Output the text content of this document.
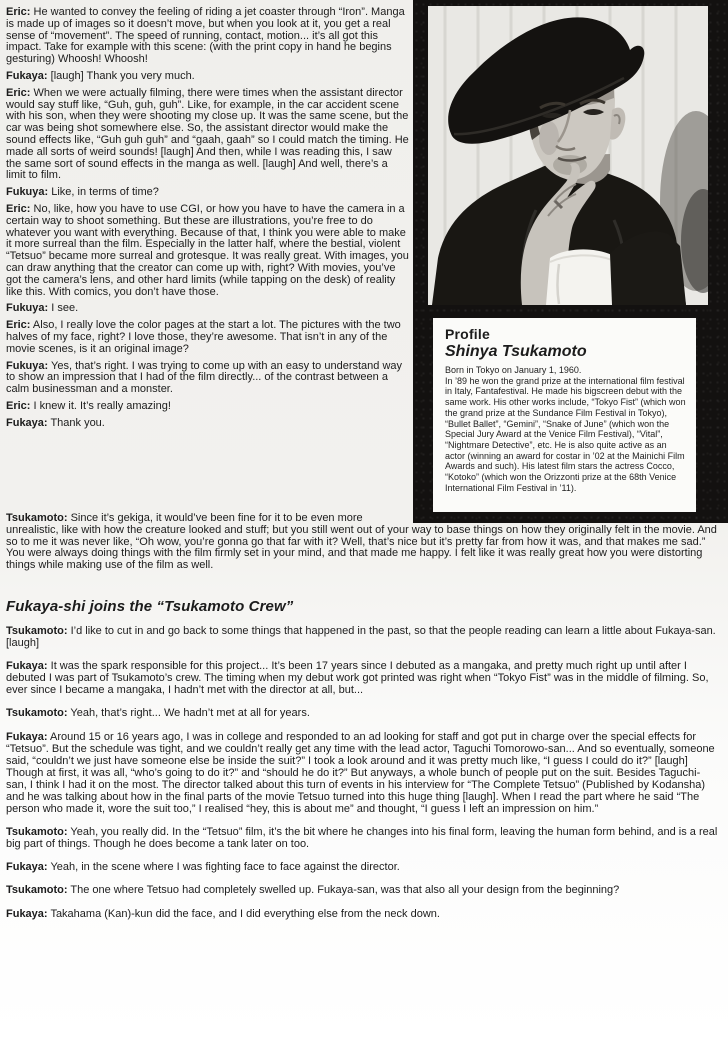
Profile
Shinya Tsukamoto

Born in Tokyo on January 1, 1960.

In ’89 he won the grand prize at the international film festival in Italy, Fantafestival. He made his bigscreen debut with the same work. His other works include, “Tokyo Fist” (which won the grand prize at the Sundance Film Festival in Tokyo), “Bullet Ballet”, “Gemini”, “Snake of June” (which won the Special Jury Award at the Venice Film Festival), “Vital”, “Nightmare Detective”, etc. He is also quite active as an actor (winning an award for costar in ’02 at the Mainichi Film Awards and such). His latest film stars the actress Cocco, “Kotoko” (which won the Orizzonti prize at the 68th Venice International Film Festival in ’11).

Eric: He wanted to convey the feeling of riding a jet coaster through “Iron”. Manga is made up of images so it doesn’t move, but when you look at it, you get a real sense of “movement”. The speed of running, contact, motion... it’s all got this impact. Take for example with this scene: (with the print copy in hand he begins gesturing) Whoosh! Whoosh!

Fukaya: [laugh] Thank you very much.

Eric: When we were actually filming, there were times when the assistant director would say stuff like, “Guh, guh, guh”. Like, for example, in the car accident scene with his son, when they were shooting my close up. It was the same scene, but the car was being shot somewhere else. So, the assistant director would make the sound effects like, “Guh guh guh” and “gaah, gaah” so I could match the timing. He made all sorts of weird sounds! [laugh] And then, while I was reading this, I saw the same sort of sound effects in the manga as well. [laugh] And well, there’s a limit to film.

Fukuya: Like, in terms of time?

Eric: No, like, how you have to use CGI, or how you have to have the camera in a certain way to shoot something. But these are illustrations, you’re free to do whatever you want with everything. Because of that, I think you were able to make it more surreal than the film. Especially in the latter half, where the bestial, violent “Tetsuo” became more surreal and grotesque. It was really great. With images, you can draw anything that the creator can come up with, right? With movies, you’ve got the camera’s lens, and other hard limits (while tapping on the desk) of reality like this. With comics, you don’t have those.

Fukuya: I see.

Eric: Also, I really love the color pages at the start a lot. The pictures with the two halves of my face, right? I love those, they’re awesome. That isn’t in any of the movie scenes, is it an original image?

Fukuya: Yes, that’s right. I was trying to come up with an easy to understand way to show an impression that I had of the film directly... of the contrast between a calm businessman and a monster.

Eric: I knew it. It’s really amazing!

Fukaya: Thank you.

Tsukamoto: Since it’s gekiga, it would’ve been fine for it to be even more unrealistic, like with how the creature looked and stuff; but you still went out of your way to base things on how they originally felt in the movie. And so to me it was never like, “Oh wow, you’re gonna go that far with it? Well, that’s nice but it’s pretty far from how it was, and that makes me sad.” You were always doing things with the film firmly set in your mind, and that made me happy. I felt like it was really great how you were distorting things while making use of the film as well.

Fukaya-shi joins the “Tsukamoto Crew”

Tsukamoto: I’d like to cut in and go back to some things that happened in the past, so that the people reading can learn a little about Fukaya-san. [laugh]

Fukaya: It was the spark responsible for this project... It’s been 17 years since I debuted as a mangaka, and pretty much right up until after I debuted I was part of Tsukamoto’s crew. The timing when my debut work got printed was right when “Tokyo Fist” was in the middle of filming. So, ever since I became a mangaka, I hadn’t met with the director at all, but...

Tsukamoto: Yeah, that’s right... We hadn’t met at all for years.

Fukaya: Around 15 or 16 years ago, I was in college and responded to an ad looking for staff and got put in charge over the special effects for “Tetsuo”. But the schedule was tight, and we couldn’t really get any time with the lead actor, Taguchi Tomorowo-san... And so eventually, someone said, “couldn’t we just have someone else be inside the suit?” I took a look around and it was pretty much like, “I guess I could do it?” [laugh] Though at first, it was all, “who’s going to do it?” and “should he do it?” But anyways, a whole bunch of people put on the suit. Besides Taguchi-san, I think I had it on the most. The director talked about this turn of events in his interview for “The Complete Tetsuo” (Published by Kodansha) and he was talking about how in the final parts of the movie Tetsuo turned into this huge thing [laugh]. When I read the part where he said “The person who made it, wore the suit too,” I realised “hey, this is about me” and thought, “I guess I left an impression on him.”

Tsukamoto: Yeah, you really did. In the “Tetsuo” film, it’s the bit where he changes into his final form, leaving the human form behind, and is a real big part of things. Though he does become a tank later on too.

Fukaya: Yeah, in the scene where I was fighting face to face against the director.

Tsukamoto: The one where Tetsuo had completely swelled up. Fukaya-san, was that also all your design from the beginning?

Fukaya: Takahama (Kan)-kun did the face, and I did everything else from the neck down.
